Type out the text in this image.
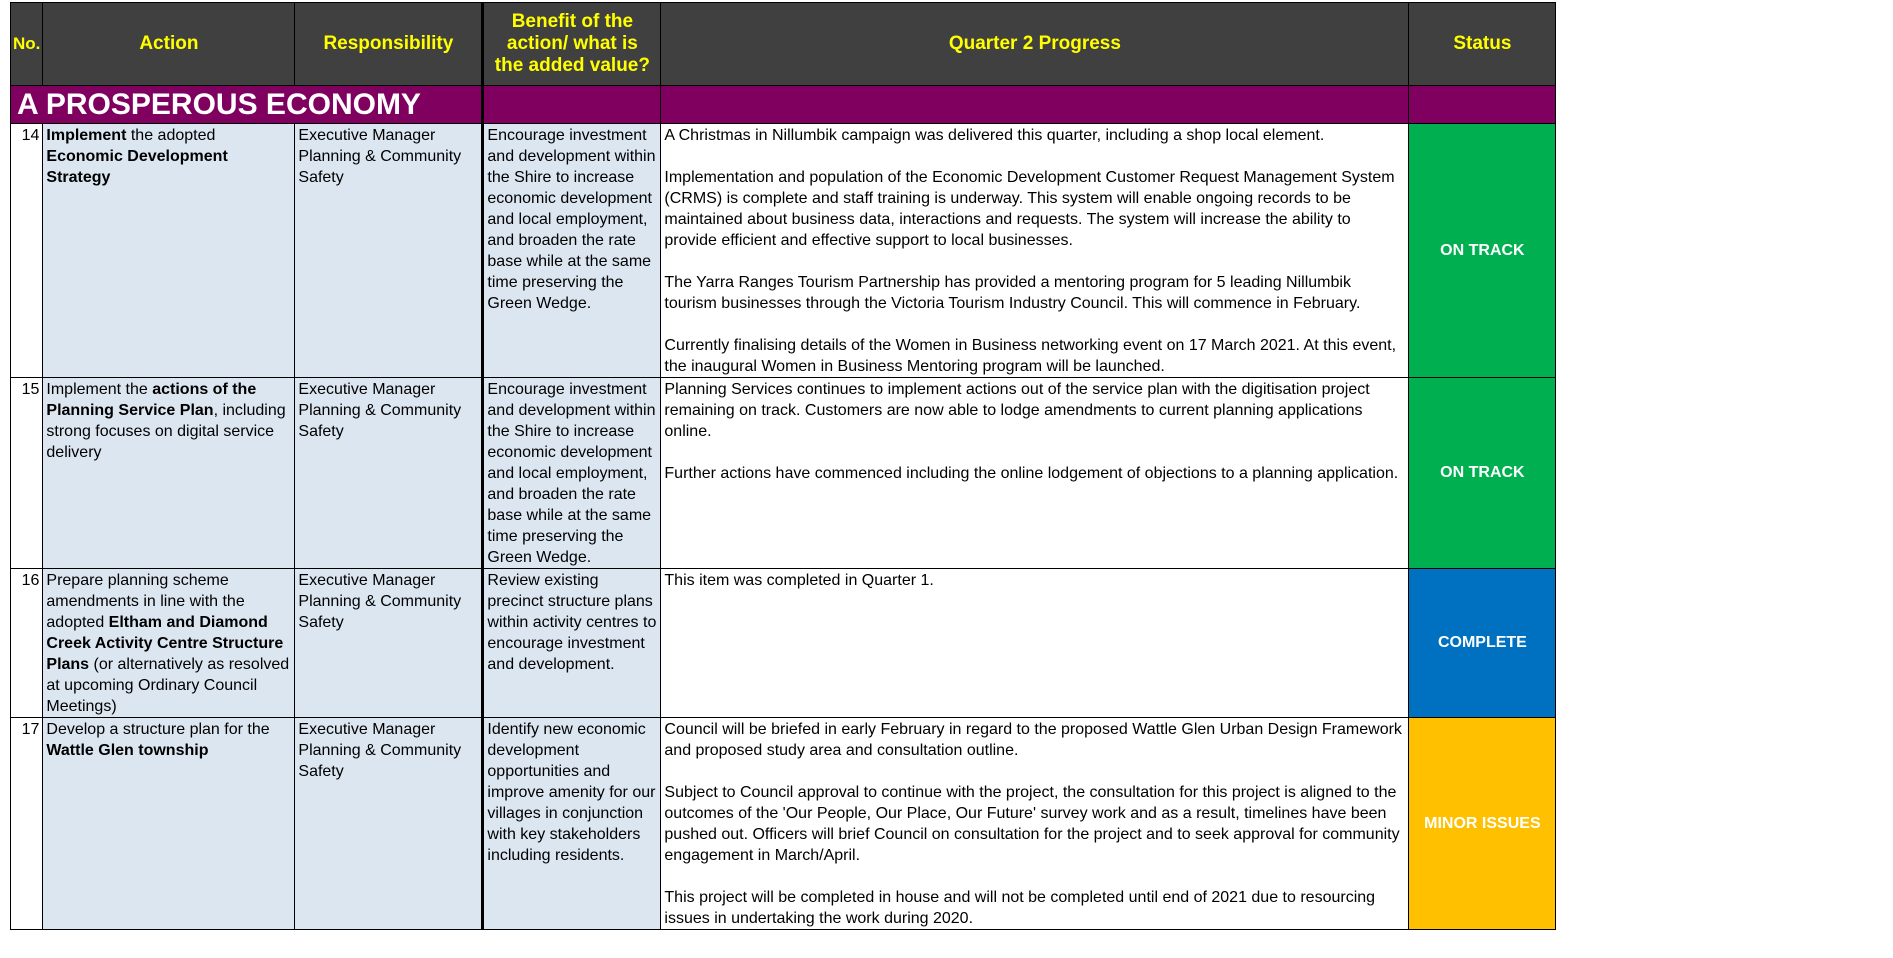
No.	Action	Responsibility	Benefit of the action/ what is the added value?	Quarter 2 Progress	Status

A PROSPEROUS ECONOMY					

14	Implement the adopted Economic Development Strategy	Executive Manager Planning & Community Safety	Encourage investment and development within the Shire to increase economic development and local employment, and broaden the rate base while at the same time preserving the Green Wedge.	A Christmas in Nillumbik campaign was delivered this quarter, including a shop local element.
Implementation and population of the Economic Development Customer Request Management System (CRMS) is complete and staff training is underway. This system will enable ongoing records to be maintained about business data, interactions and requests. The system will increase the ability to provide efficient and effective support to local businesses.
The Yarra Ranges Tourism Partnership has provided a mentoring program for 5 leading Nillumbik tourism businesses through the Victoria Tourism Industry Council. This will commence in February.
Currently finalising details of the Women in Business networking event on 17 March 2021. At this event, the inaugural Women in Business Mentoring program will be launched.	ON TRACK

15	Implement the actions of the Planning Service Plan, including strong focuses on digital service delivery	Executive Manager Planning & Community Safety	Encourage investment and development within the Shire to increase economic development and local employment, and broaden the rate base while at the same time preserving the Green Wedge.	Planning Services continues to implement actions out of the service plan with the digitisation project remaining on track. Customers are now able to lodge amendments to current planning applications online.
Further actions have commenced including the online lodgement of objections to a planning application.	ON TRACK

16	Prepare planning scheme amendments in line with the adopted Eltham and Diamond Creek Activity Centre Structure Plans (or alternatively as resolved at upcoming Ordinary Council Meetings)	Executive Manager Planning & Community Safety	Review existing precinct structure plans within activity centres to encourage investment and development.	This item was completed in Quarter 1.	COMPLETE

17	Develop a structure plan for the Wattle Glen township	Executive Manager Planning & Community Safety	Identify new economic development opportunities and improve amenity for our villages in conjunction with key stakeholders including residents.	Council will be briefed in early February in regard to the proposed Wattle Glen Urban Design Framework and proposed study area and consultation outline.
Subject to Council approval to continue with the project, the consultation for this project is aligned to the outcomes of the 'Our People, Our Place, Our Future' survey work and as a result, timelines have been pushed out. Officers will brief Council on consultation for the project and to seek approval for community engagement in March/April.
This project will be completed in house and will not be completed until end of 2021 due to resourcing issues in undertaking the work during 2020.	MINOR ISSUES
